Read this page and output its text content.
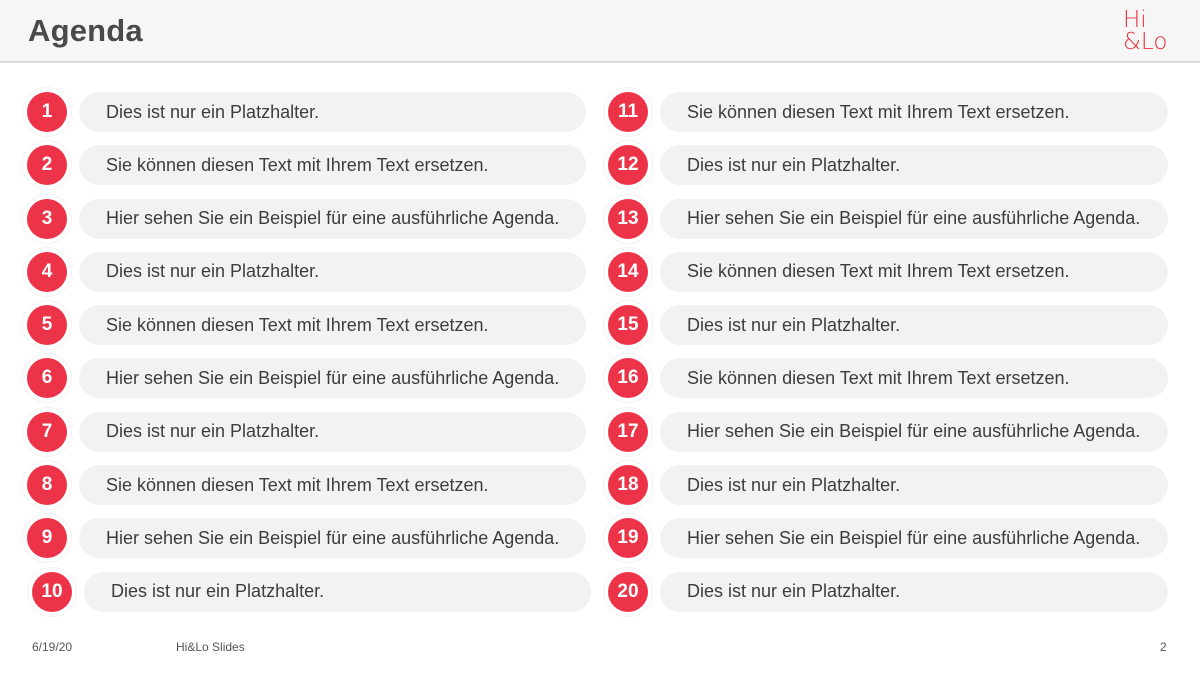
Agenda	Hi
&Lo
1	Dies ist nur ein Platzhalter.
2	Sie können diesen Text mit Ihrem Text ersetzen.
3	Hier sehen Sie ein Beispiel für eine ausführliche Agenda.
4	Dies ist nur ein Platzhalter.
5	Sie können diesen Text mit Ihrem Text ersetzen.
6	Hier sehen Sie ein Beispiel für eine ausführliche Agenda.
7	Dies ist nur ein Platzhalter.
8	Sie können diesen Text mit Ihrem Text ersetzen.
9	Hier sehen Sie ein Beispiel für eine ausführliche Agenda.
10	Dies ist nur ein Platzhalter.
11	Sie können diesen Text mit Ihrem Text ersetzen.
12	Dies ist nur ein Platzhalter.
13	Hier sehen Sie ein Beispiel für eine ausführliche Agenda.
14	Sie können diesen Text mit Ihrem Text ersetzen.
15	Dies ist nur ein Platzhalter.
16	Sie können diesen Text mit Ihrem Text ersetzen.
17	Hier sehen Sie ein Beispiel für eine ausführliche Agenda.
18	Dies ist nur ein Platzhalter.
19	Hier sehen Sie ein Beispiel für eine ausführliche Agenda.
20	Dies ist nur ein Platzhalter.
6/19/20	Hi&Lo Slides	2
